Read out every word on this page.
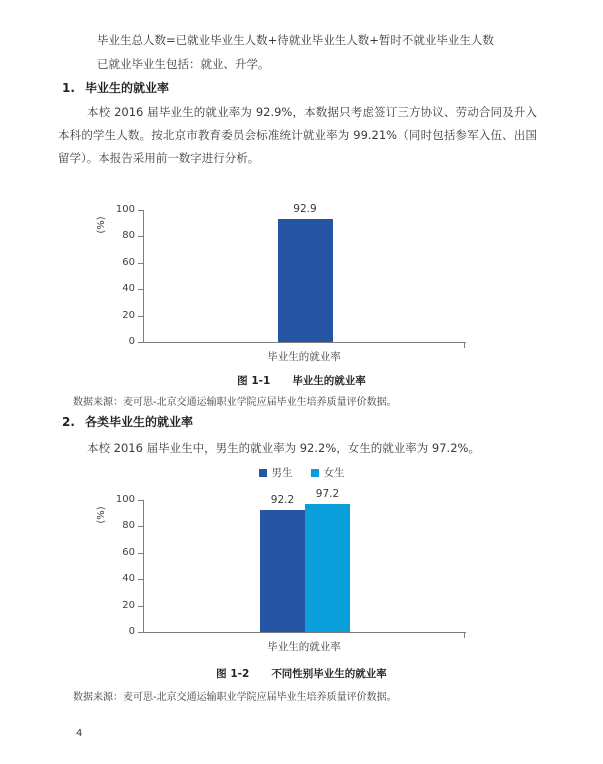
毕业生总人数=已就业毕业生人数+待就业毕业生人数+暂时不就业毕业生人数
已就业毕业生包括：就业、升学。
1. 毕业生的就业率
本校 2016 届毕业生的就业率为 92.9%，本数据只考虑签订三方协议、劳动合同及升入本科的学生人数。按北京市教育委员会标准统计就业率为 99.21%（同时包括参军入伍、出国留学）。本报告采用前一数字进行分析。
(%)
92.9
100
80
60
40
20
0
毕业生的就业率
图 1-1 毕业生的就业率
数据来源：麦可思-北京交通运输职业学院应届毕业生培养质量评价数据。
2. 各类毕业生的就业率
本校 2016 届毕业生中，男生的就业率为 92.2%，女生的就业率为 97.2%。
男生	女生
(%)
92.2
97.2
100
80
60
40
20
0
毕业生的就业率
图 1-2 不同性别毕业生的就业率
数据来源：麦可思-北京交通运输职业学院应届毕业生培养质量评价数据。
4
